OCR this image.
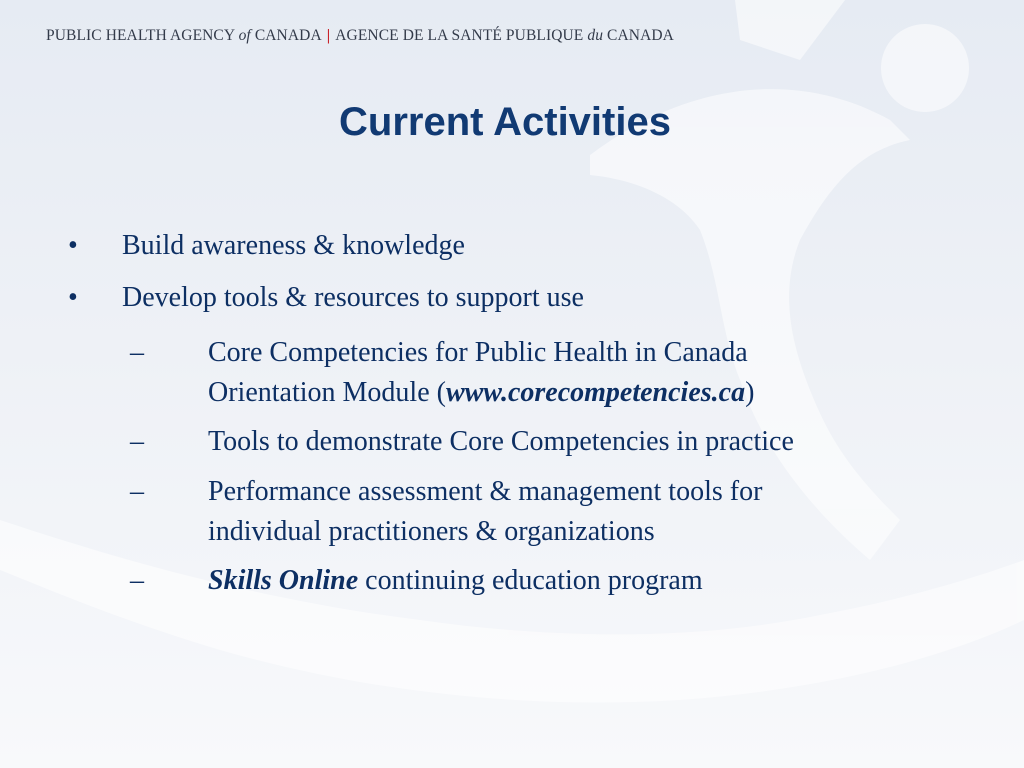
PUBLIC HEALTH AGENCY of CANADA | AGENCE DE LA SANTÉ PUBLIQUE du CANADA
Current Activities
• Build awareness & knowledge
• Develop tools & resources to support use
– Core Competencies for Public Health in Canada
Orientation Module (www.corecompetencies.ca)
– Tools to demonstrate Core Competencies in practice
– Performance assessment & management tools for
individual practitioners & organizations
– Skills Online continuing education program
